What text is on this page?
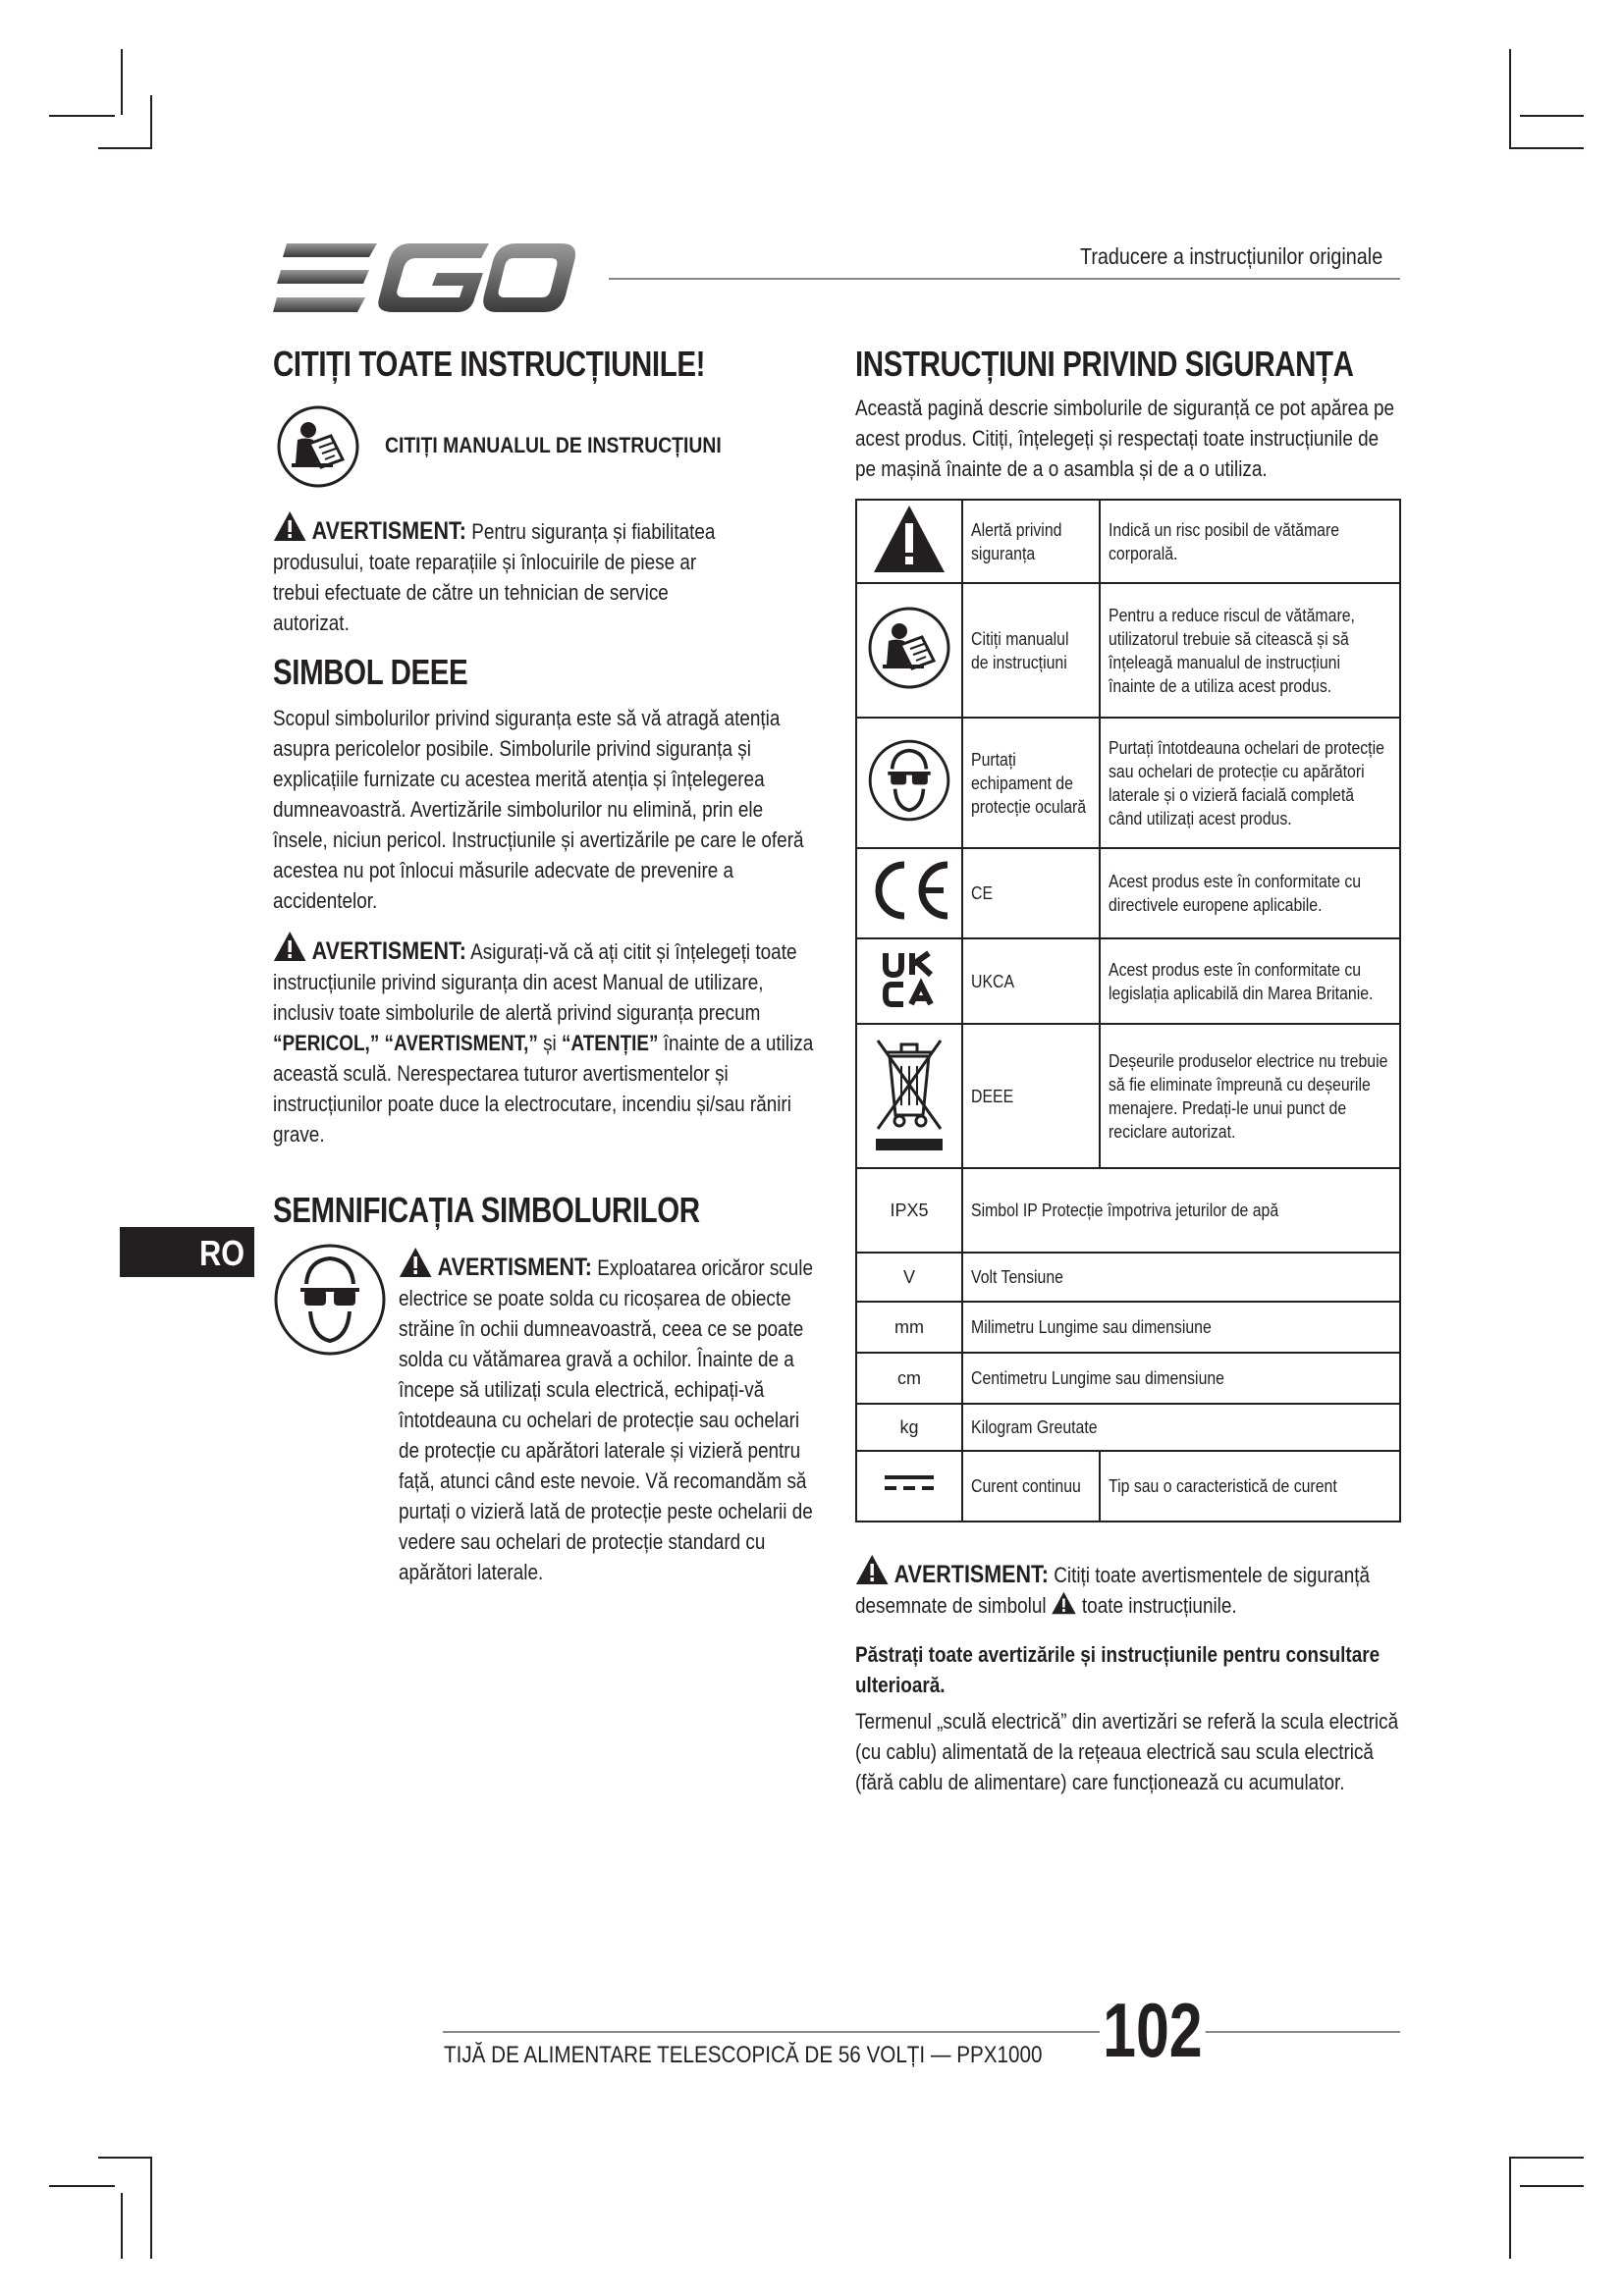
Traducere a instrucțiunilor originale
CITIȚI TOATE INSTRUCȚIUNILE!
CITIȚI MANUALUL DE INSTRUCȚIUNI
AVERTISMENT: Pentru siguranța și fiabilitatea produsului, toate reparațiile și înlocuirile de piese ar trebui efectuate de către un tehnician de service autorizat.
SIMBOL DEEE
Scopul simbolurilor privind siguranța este să vă atragă atenția asupra pericolelor posibile. Simbolurile privind siguranța și explicațiile furnizate cu acestea merită atenția și înțelegerea dumneavoastră. Avertizările simbolurilor nu elimină, prin ele însele, niciun pericol. Instrucțiunile și avertizările pe care le oferă acestea nu pot înlocui măsurile adecvate de prevenire a accidentelor.
AVERTISMENT: Asigurați-vă că ați citit și înțelegeți toate instrucțiunile privind siguranța din acest Manual de utilizare, inclusiv toate simbolurile de alertă privind siguranța precum “PERICOL,” “AVERTISMENT,” și “ATENȚIE” înainte de a utiliza această sculă. Nerespectarea tuturor avertismentelor și instrucțiunilor poate duce la electrocutare, incendiu și/sau răniri grave.
SEMNIFICAȚIA SIMBOLURILOR
RO	AVERTISMENT: Exploatarea oricăror scule electrice se poate solda cu ricoșarea de obiecte străine în ochii dumneavoastră, ceea ce se poate solda cu vătămarea gravă a ochilor. Înainte de a începe să utilizați scula electrică, echipați-vă întotdeauna cu ochelari de protecție sau ochelari de protecție cu apărători laterale și vizieră pentru față, atunci când este nevoie. Vă recomandăm să purtați o vizieră lată de protecție peste ochelarii de vedere sau ochelari de protecție standard cu apărători laterale.
INSTRUCȚIUNI PRIVIND SIGURANȚA
Această pagină descrie simbolurile de siguranță ce pot apărea pe acest produs. Citiți, înțelegeți și respectați toate instrucțiunile de pe mașină înainte de a o asambla și de a o utiliza.
	Alertă privind siguranța	Indică un risc posibil de vătămare corporală.
	Citiți manualul de instrucțiuni	Pentru a reduce riscul de vătămare, utilizatorul trebuie să citească și să înțeleagă manualul de instrucțiuni înainte de a utiliza acest produs.
	Purtați echipament de protecție oculară	Purtați întotdeauna ochelari de protecție sau ochelari de protecție cu apărători laterale și o vizieră facială completă când utilizați acest produs.
	CE	Acest produs este în conformitate cu directivele europene aplicabile.
	UKCA	Acest produs este în conformitate cu legislația aplicabilă din Marea Britanie.
	DEEE	Deșeurile produselor electrice nu trebuie să fie eliminate împreună cu deșeurile menajere. Predați-le unui punct de reciclare autorizat.
IPX5	Simbol IP Protecție împotriva jeturilor de apă	
V	Volt Tensiune	
mm	Milimetru Lungime sau dimensiune	
cm	Centimetru Lungime sau dimensiune	
kg	Kilogram Greutate	
	Curent continuu	Tip sau o caracteristică de curent
AVERTISMENT: Citiți toate avertismentele de siguranță desemnate de simbolul toate instrucțiunile.
Păstrați toate avertizările și instrucțiunile pentru consultare ulterioară.
Termenul „sculă electrică” din avertizări se referă la scula electrică (cu cablu) alimentată de la rețeaua electrică sau scula electrică (fără cablu de alimentare) care funcționează cu acumulator.
TIJĂ DE ALIMENTARE TELESCOPICĂ DE 56 VOLȚI — PPX1000 102
